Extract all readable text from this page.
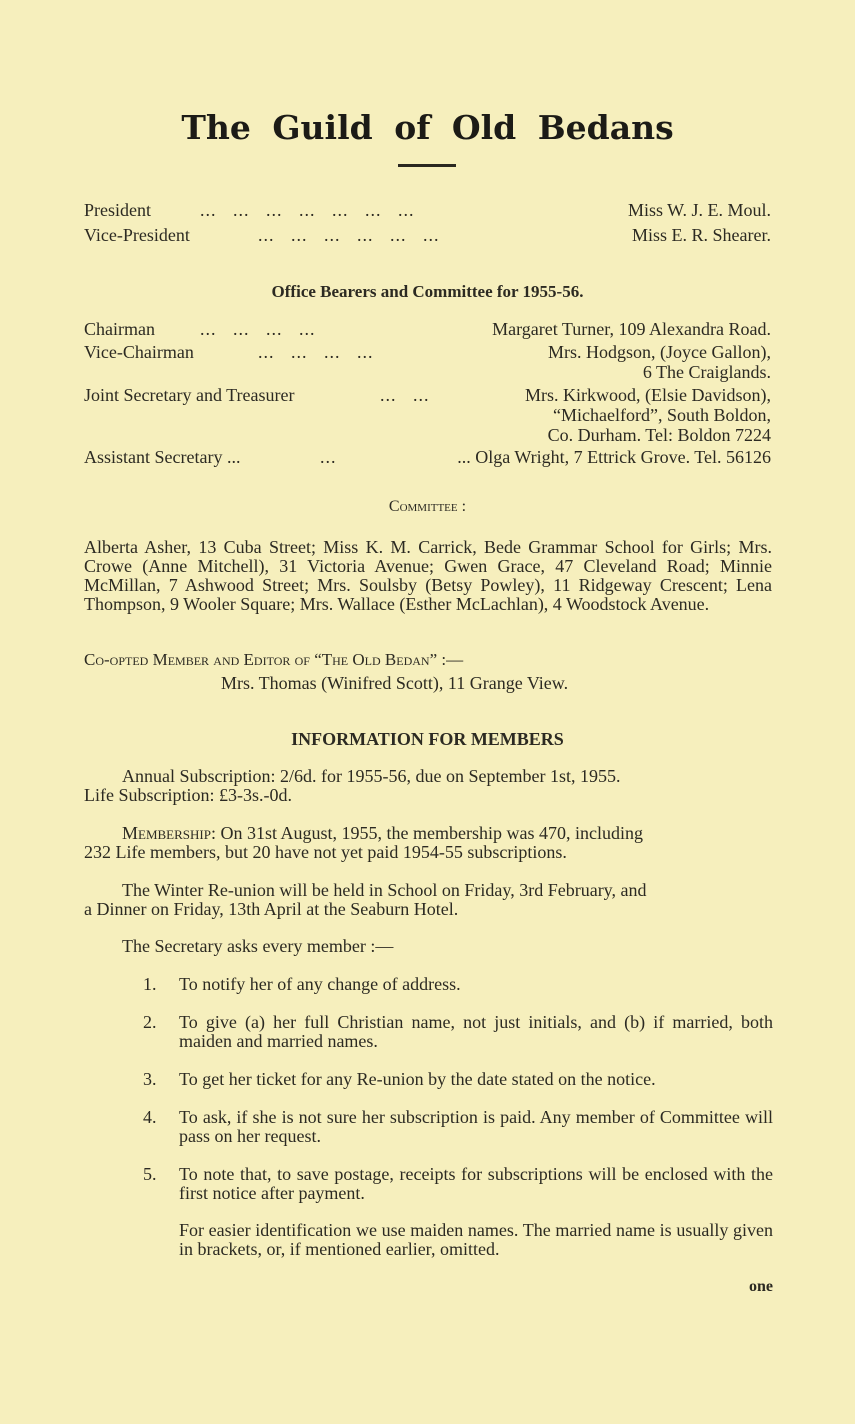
The Guild of Old Bedans
President	...   ...   ...   ...   ...   ...   ...	Miss W. J. E. Moul.
Vice-President	...   ...   ...   ...   ...   ...	Miss E. R. Shearer.
Office Bearers and Committee for 1955-56.
Chairman	...   ...   ...   ...	Margaret Turner, 109 Alexandra Road.
Vice-Chairman	...   ...   ...   ...	Mrs. Hodgson, (Joyce Gallon),
6 The Craiglands.
Joint Secretary and Treasurer	...   ...	Mrs. Kirkwood, (Elsie Davidson),
“Michaelford”, South Boldon,
Co. Durham. Tel: Boldon 7224
Assistant Secretary ...	...	... Olga Wright, 7 Ettrick Grove. Tel. 56126
Committee :
Alberta Asher, 13 Cuba Street; Miss K. M. Carrick, Bede Grammar School for Girls; Mrs. Crowe (Anne Mitchell), 31 Victoria Avenue; Gwen Grace, 47 Cleveland Road; Minnie McMillan, 7 Ashwood Street; Mrs. Soulsby (Betsy Powley), 11 Ridgeway Crescent; Lena Thompson, 9 Wooler Square; Mrs. Wallace (Esther McLachlan), 4 Woodstock Avenue.
Co-opted Member and Editor of “The Old Bedan” :—
Mrs. Thomas (Winifred Scott), 11 Grange View.
INFORMATION FOR MEMBERS
Annual Subscription: 2/6d. for 1955-56, due on September 1st, 1955.
Life Subscription: £3-3s.-0d.
Membership: On 31st August, 1955, the membership was 470, including
232 Life members, but 20 have not yet paid 1954-55 subscriptions.
The Winter Re-union will be held in School on Friday, 3rd February, and
a Dinner on Friday, 13th April at the Seaburn Hotel.
The Secretary asks every member :—
1. To notify her of any change of address.
2. To give (a) her full Christian name, not just initials, and (b) if married, both maiden and married names.
3. To get her ticket for any Re-union by the date stated on the notice.
4. To ask, if she is not sure her subscription is paid. Any member of Committee will pass on her request.
5. To note that, to save postage, receipts for subscriptions will be enclosed with the first notice after payment.
For easier identification we use maiden names. The married name is usually given in brackets, or, if mentioned earlier, omitted.
one
